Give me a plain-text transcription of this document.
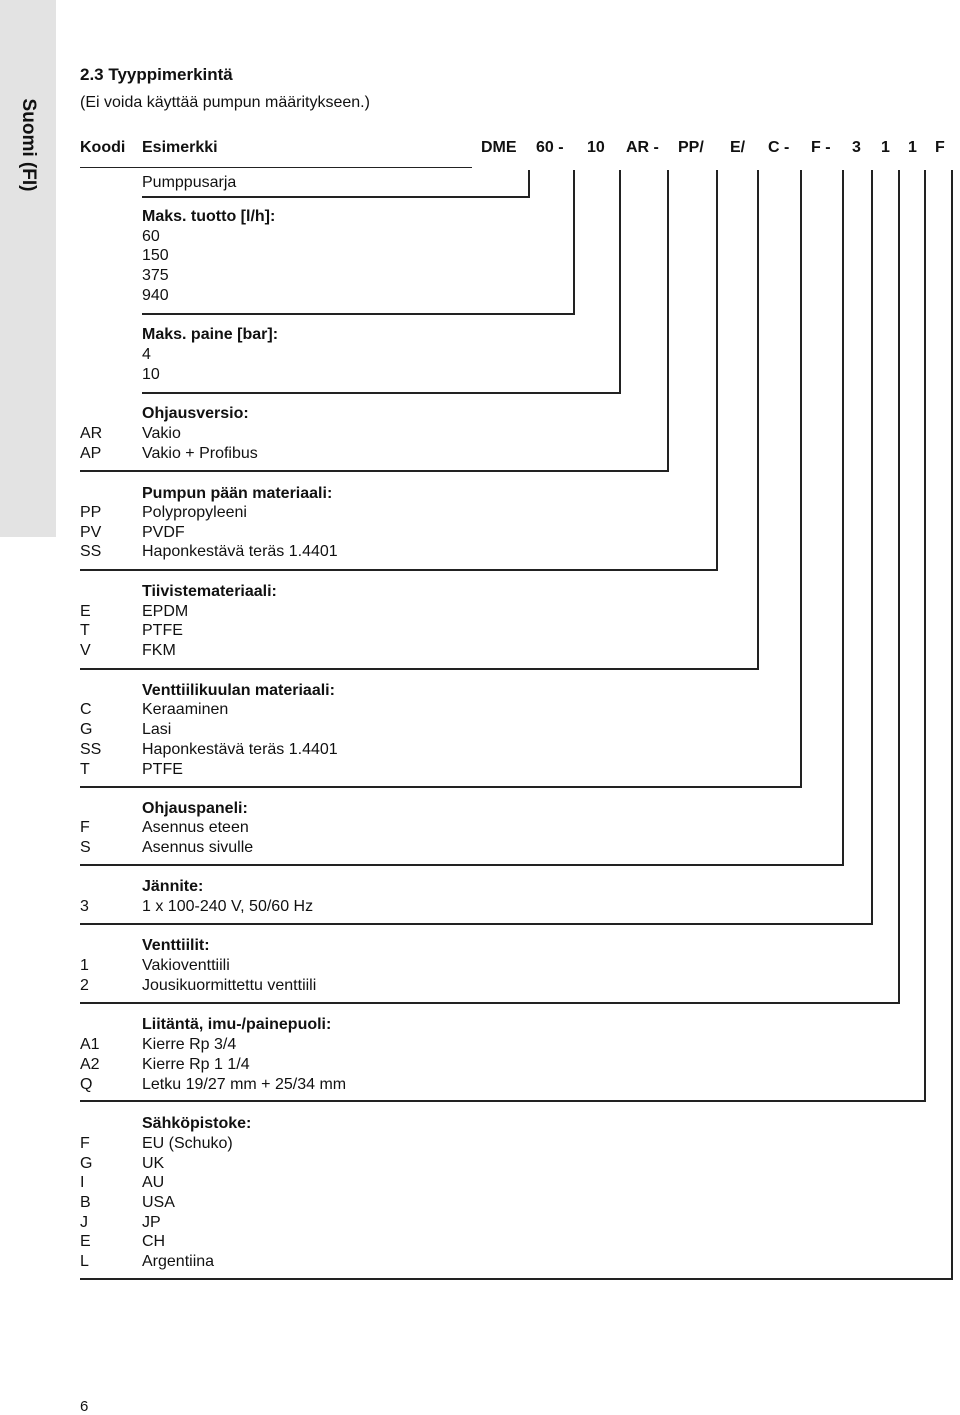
Suomi (FI)
2.3 Tyyppimerkintä
(Ei voida käyttää pumpun määritykseen.)
Koodi Esimerkki	DME 60 - 10 AR - PP/ E/ C - F - 3 1 1 F
Pumppusarja
Maks. tuotto [l/h]:
60
150
375
940
Maks. paine [bar]:
4
10
Ohjausversio:
AR Vakio
AP	Vakio + Profibus
Pumpun pään materiaali:
PP	Polypropyleeni
PV	PVDF
SS	Haponkestävä teräs 1.4401
Tiivistemateriaali:
E	EPDM
T	PTFE
V	FKM
Venttiilikuulan materiaali:
C	Keraaminen
G	Lasi
SS	Haponkestävä teräs 1.4401
T	PTFE
Ohjauspaneli:
F	Asennus eteen
S	Asennus sivulle
Jännite:
3	1 x 100-240 V, 50/60 Hz
Venttiilit:
1	Vakioventtiili
2	Jousikuormittettu venttiili
Liitäntä, imu-/painepuoli:
A1	Kierre Rp 3/4
A2	Kierre Rp 1 1/4
Q	Letku 19/27 mm + 25/34 mm
Sähköpistoke:
F	EU (Schuko)
G	UK
I	AU
B	USA
J	JP
E	CH
L	Argentiina
6
